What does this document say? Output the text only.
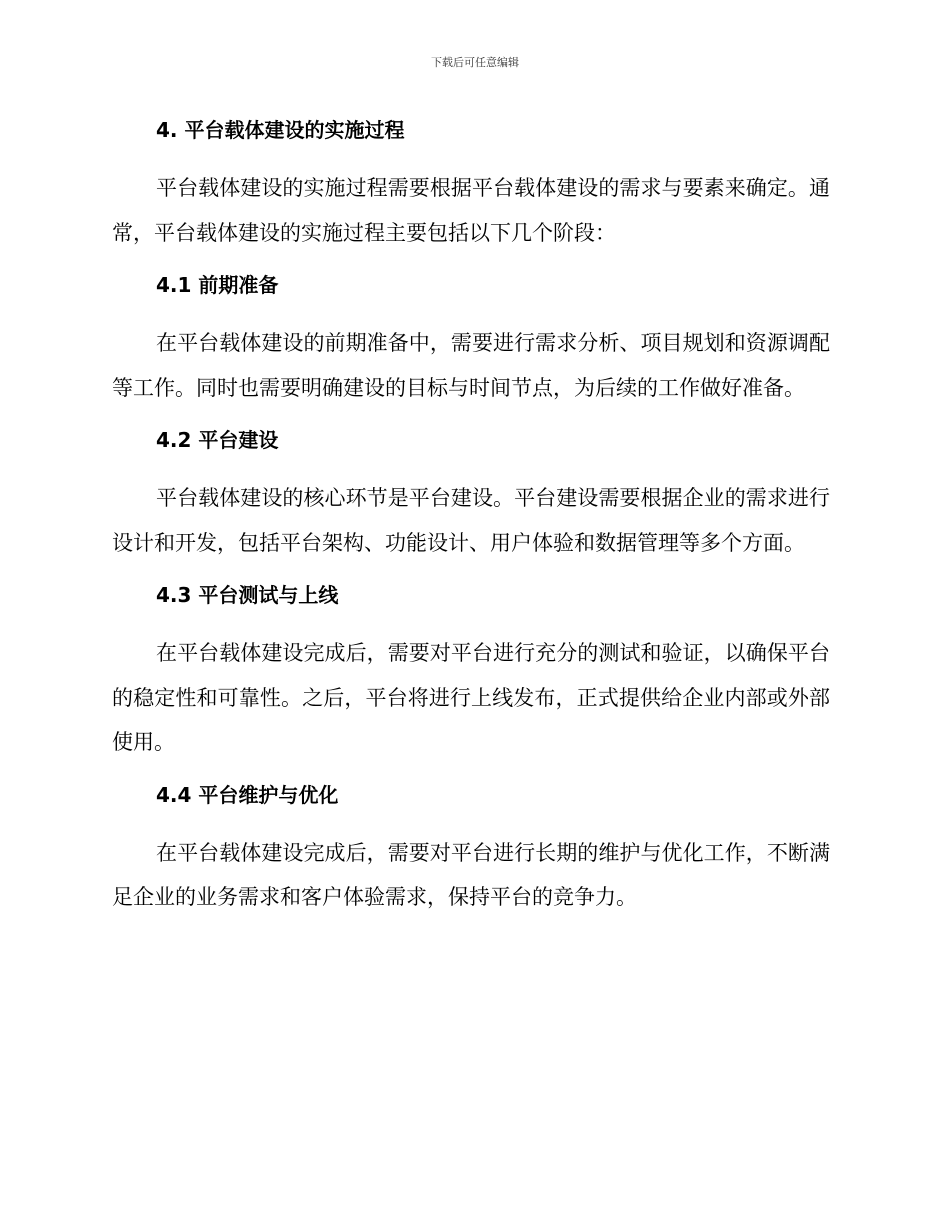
下载后可任意编辑
4. 平台载体建设的实施过程

平台载体建设的实施过程需要根据平台载体建设的需求与要素来确定。通常，平台载体建设的实施过程主要包括以下几个阶段：

4.1 前期准备

在平台载体建设的前期准备中，需要进行需求分析、项目规划和资源调配等工作。同时也需要明确建设的目标与时间节点，为后续的工作做好准备。

4.2 平台建设

平台载体建设的核心环节是平台建设。平台建设需要根据企业的需求进行设计和开发，包括平台架构、功能设计、用户体验和数据管理等多个方面。

4.3 平台测试与上线

在平台载体建设完成后，需要对平台进行充分的测试和验证，以确保平台的稳定性和可靠性。之后，平台将进行上线发布，正式提供给企业内部或外部使用。

4.4 平台维护与优化

在平台载体建设完成后，需要对平台进行长期的维护与优化工作，不断满足企业的业务需求和客户体验需求，保持平台的竞争力。
